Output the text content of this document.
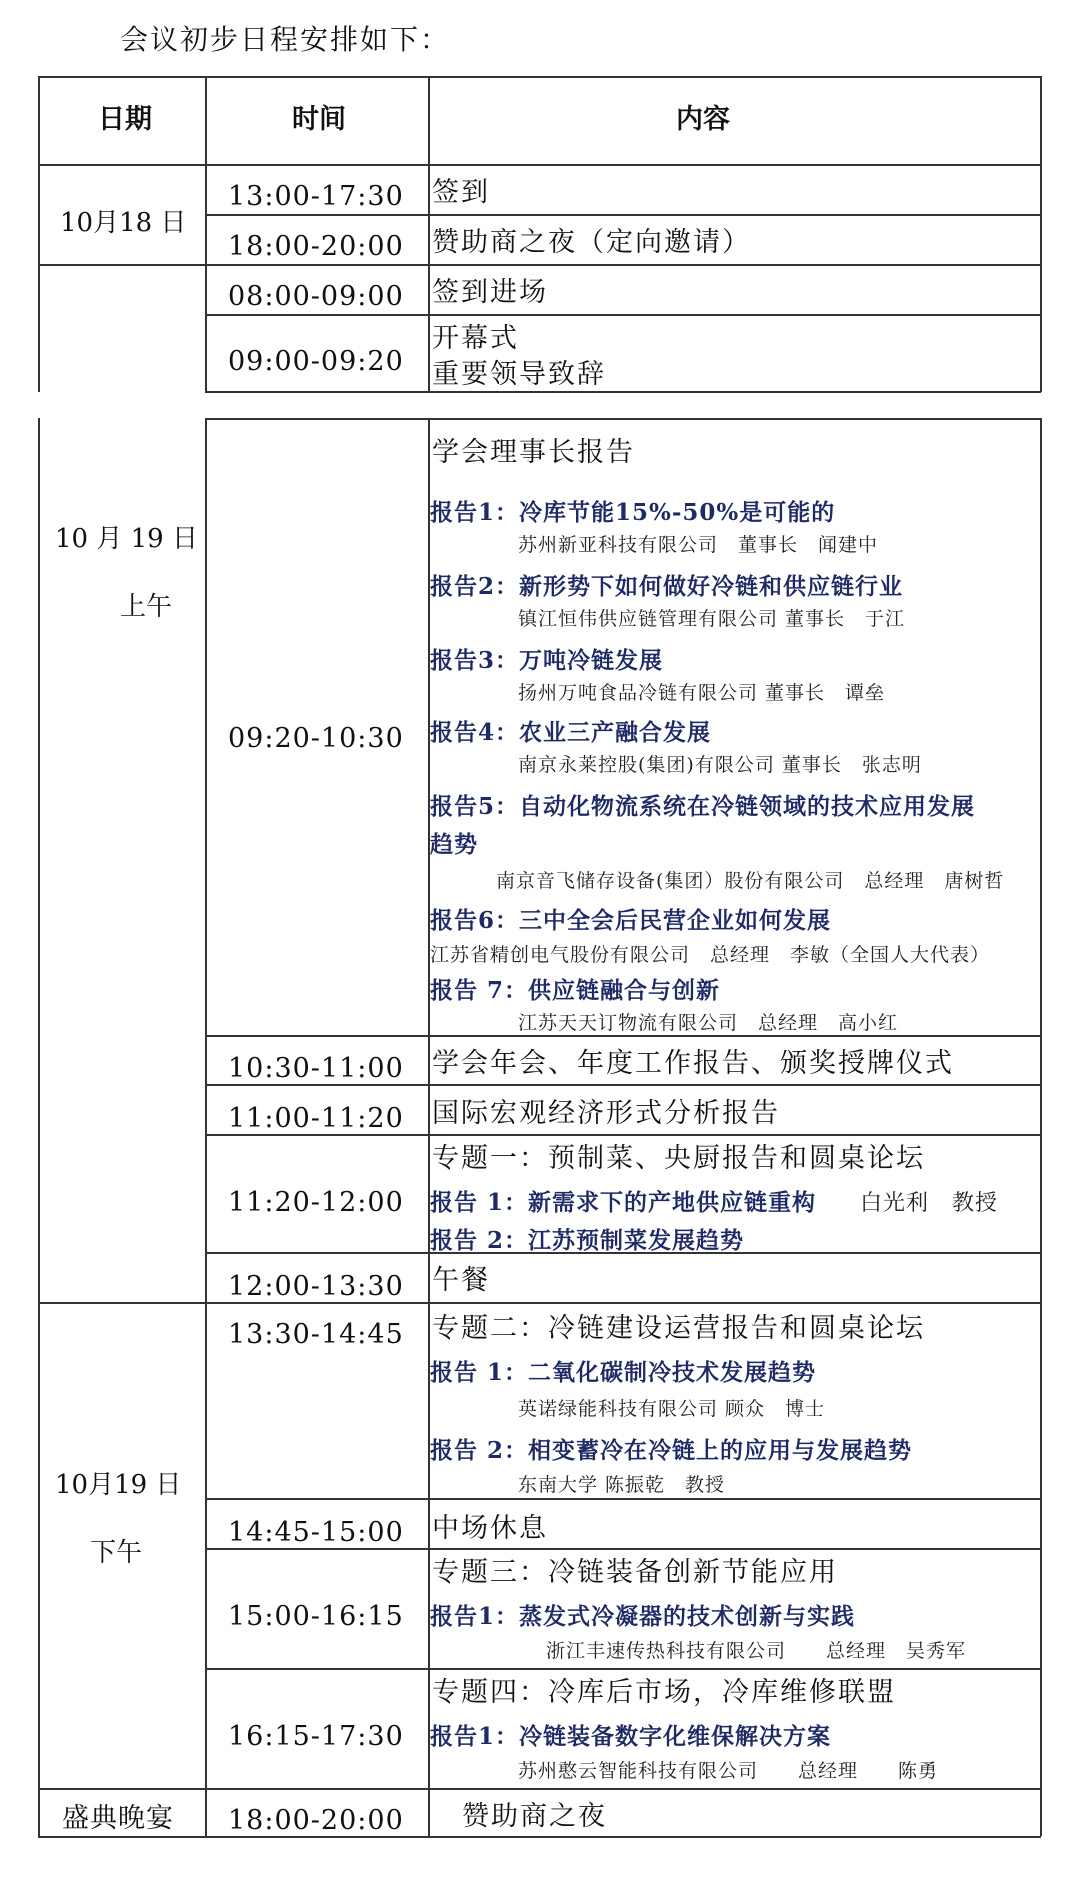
会议初步日程安排如下：
日期	时间	内容
10月18 日
13:00-17:30 签到
18:00-20:00 赞助商之夜（定向邀请）
08:00-09:00 签到进场
09:00-09:20
开幕式
重要领导致辞
10 月 19 日
上午
09:20-10:30
学会理事长报告
报告1：冷库节能15%-50%是可能的
苏州新亚科技有限公司　董事长　闻建中
报告2：新形势下如何做好冷链和供应链行业
镇江恒伟供应链管理有限公司 董事长　于江
报告3：万吨冷链发展
扬州万吨食品冷链有限公司 董事长　谭垒
报告4：农业三产融合发展
南京永莱控股(集团)有限公司 董事长　张志明
报告5：自动化物流系统在冷链领域的技术应用发展
趋势
南京音飞储存设备(集团）股份有限公司　总经理　唐树哲
报告6：三中全会后民营企业如何发展
江苏省精创电气股份有限公司　总经理　李敏（全国人大代表）
报告 7：供应链融合与创新
江苏天天订物流有限公司　总经理　高小红
10:30-11:00 学会年会、年度工作报告、颁奖授牌仪式
11:00-11:20 国际宏观经济形式分析报告
11:20-12:00
专题一：预制菜、央厨报告和圆桌论坛
报告 1：新需求下的产地供应链重构 白光利　教授
报告 2：江苏预制菜发展趋势
12:00-13:30 午餐
10月19 日
下午
13:30-14:45 专题二：冷链建设运营报告和圆桌论坛
报告 1：二氧化碳制冷技术发展趋势
英诺绿能科技有限公司 顾众　博士
报告 2：相变蓄冷在冷链上的应用与发展趋势
东南大学 陈振乾　教授
14:45-15:00 中场休息
15:00-16:15
专题三：冷链装备创新节能应用
报告1：蒸发式冷凝器的技术创新与实践
浙江丰速传热科技有限公司　　总经理　吴秀军
16:15-17:30
专题四：冷库后市场，冷库维修联盟
报告1：冷链装备数字化维保解决方案
苏州憨云智能科技有限公司　　总经理　　陈勇
盛典晚宴 18:00-20:00 赞助商之夜
